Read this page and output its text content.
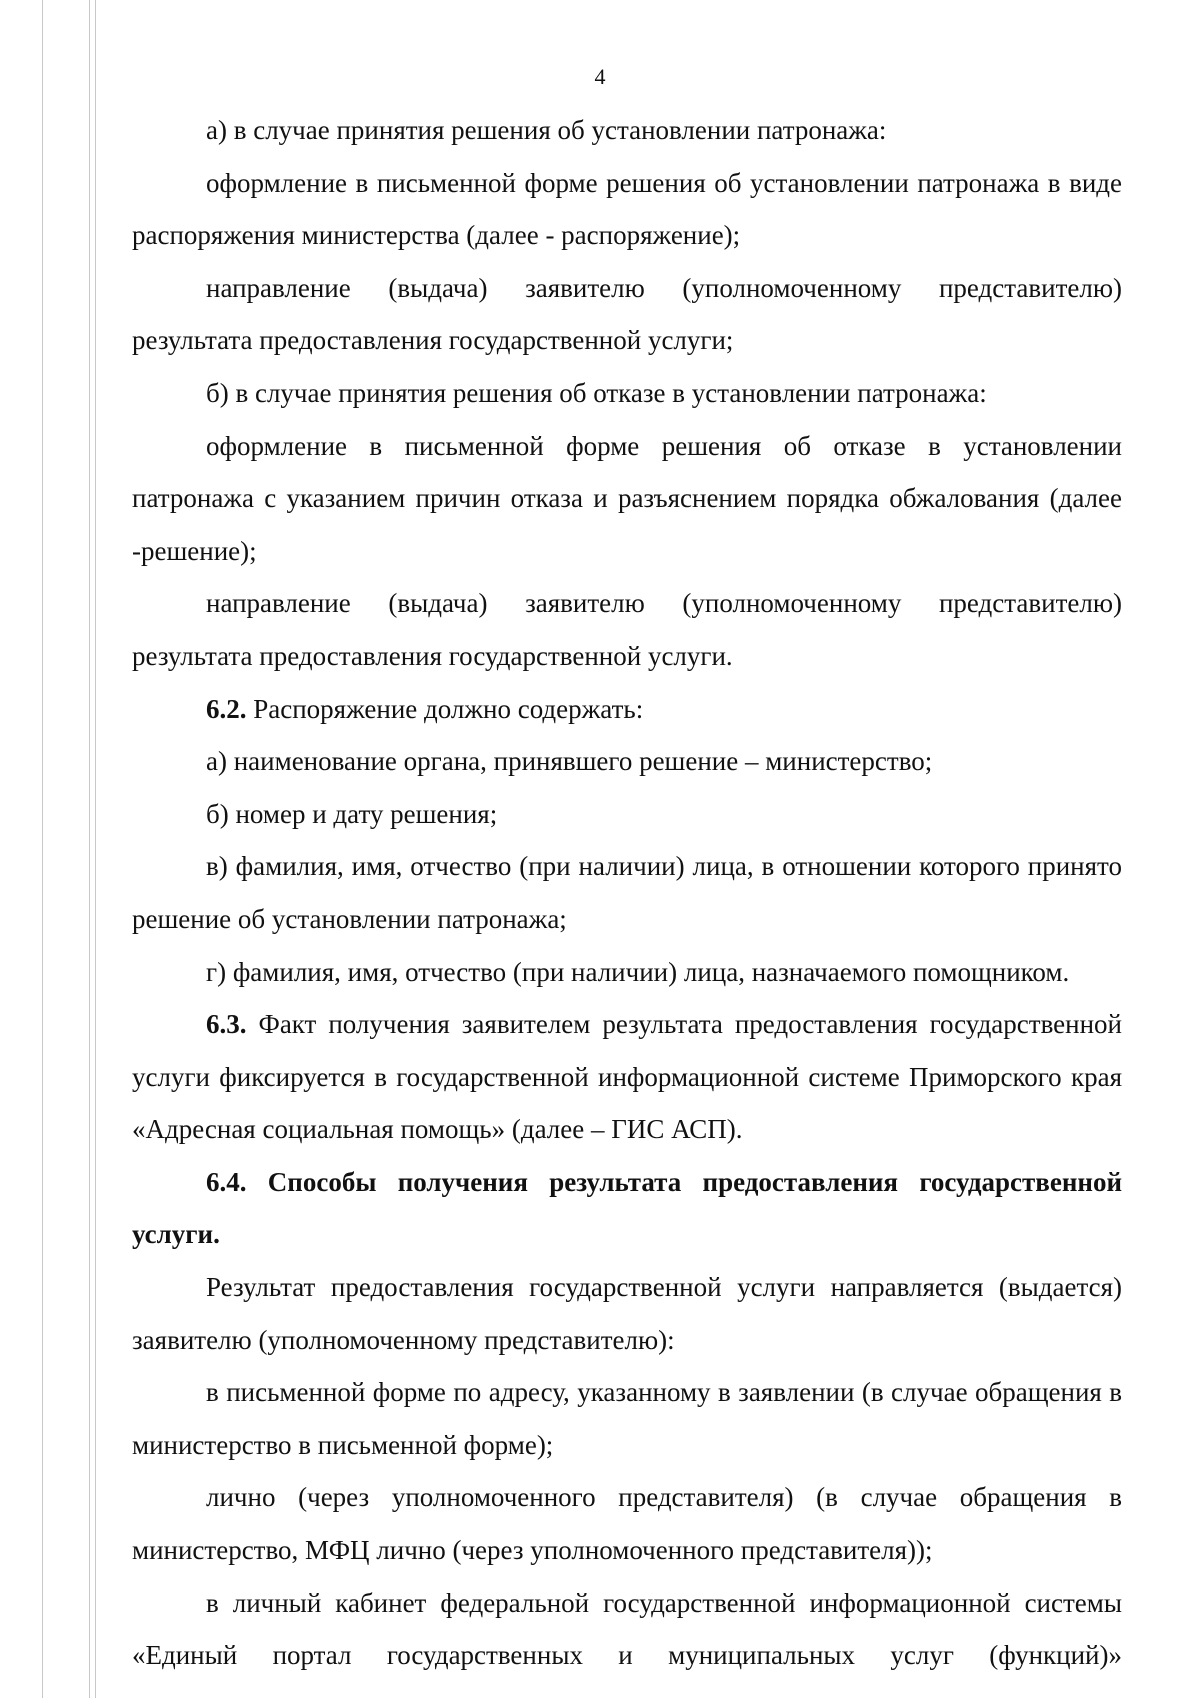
4

а) в случае принятия решения об установлении патронажа:

оформление в письменной форме решения об установлении патронажа в виде распоряжения министерства (далее - распоряжение);

направление (выдача) заявителю (уполномоченному представителю) результата предоставления государственной услуги;

б) в случае принятия решения об отказе в установлении патронажа:

оформление в письменной форме решения об отказе в установлении патронажа с указанием причин отказа и разъяснением порядка обжалования (далее -решение);

направление (выдача) заявителю (уполномоченному представителю) результата предоставления государственной услуги.

6.2. Распоряжение должно содержать:

а) наименование органа, принявшего решение – министерство;

б) номер и дату решения;

в) фамилия, имя, отчество (при наличии) лица, в отношении которого принято решение об установлении патронажа;

г) фамилия, имя, отчество (при наличии) лица, назначаемого помощником.

6.3. Факт получения заявителем результата предоставления государственной услуги фиксируется в государственной информационной системе Приморского края «Адресная социальная помощь» (далее – ГИС АСП).

6.4. Способы получения результата предоставления государственной услуги.

Результат предоставления государственной услуги направляется (выдается) заявителю (уполномоченному представителю):

в письменной форме по адресу, указанному в заявлении (в случае обращения в министерство в письменной форме);

лично (через уполномоченного представителя) (в случае обращения в министерство, МФЦ лично (через уполномоченного представителя));

в личный кабинет федеральной государственной информационной системы «Единый портал государственных и муниципальных услуг (функций)»
